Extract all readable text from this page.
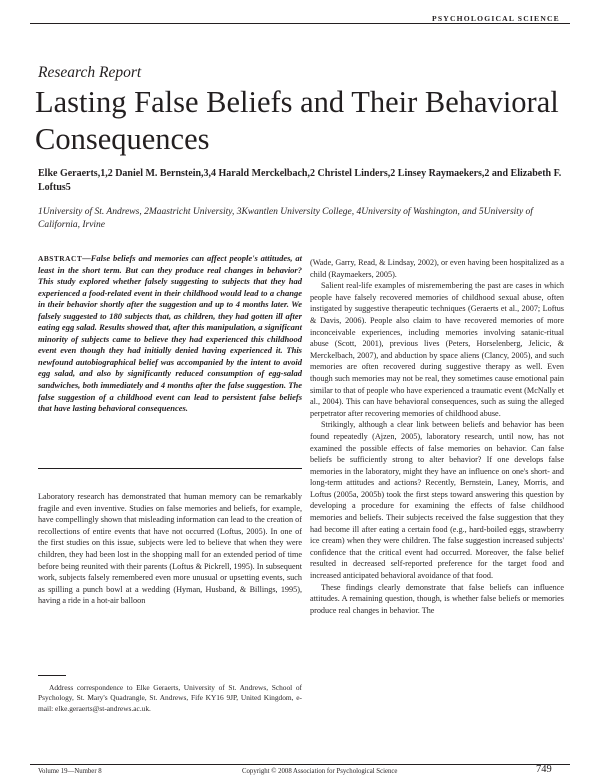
PSYCHOLOGICAL SCIENCE
Research Report
Lasting False Beliefs and Their Behavioral Consequences
Elke Geraerts,1,2 Daniel M. Bernstein,3,4 Harald Merckelbach,2 Christel Linders,2 Linsey Raymaekers,2 and Elizabeth F. Loftus5
1University of St. Andrews, 2Maastricht University, 3Kwantlen University College, 4University of Washington, and 5University of California, Irvine

ABSTRACT—False beliefs and memories can affect people's attitudes, at least in the short term. But can they produce real changes in behavior? This study explored whether falsely suggesting to subjects that they had experienced a food-related event in their childhood would lead to a change in their behavior shortly after the suggestion and up to 4 months later. We falsely suggested to 180 subjects that, as children, they had gotten ill after eating egg salad. Results showed that, after this manipulation, a significant minority of subjects came to believe they had experienced this childhood event even though they had initially denied having experienced it. This newfound autobiographical belief was accompanied by the intent to avoid egg salad, and also by significantly reduced consumption of egg-salad sandwiches, both immediately and 4 months after the false suggestion. The false suggestion of a childhood event can lead to persistent false beliefs that have lasting behavioral consequences.

Laboratory research has demonstrated that human memory can be remarkably fragile and even inventive. Studies on false memories and beliefs, for example, have compellingly shown that misleading information can lead to the creation of recollections of entire events that have not occurred (Loftus, 2005). In one of the first studies on this issue, subjects were led to believe that when they were children, they had been lost in the shopping mall for an extended period of time before being reunited with their parents (Loftus & Pickrell, 1995). In subsequent work, subjects falsely remembered even more unusual or upsetting events, such as spilling a punch bowl at a wedding (Hyman, Husband, & Billings, 1995), having a ride in a hot-air balloon

(Wade, Garry, Read, & Lindsay, 2002), or even having been hospitalized as a child (Raymaekers, 2005).

Salient real-life examples of misremembering the past are cases in which people have falsely recovered memories of childhood sexual abuse, often instigated by suggestive therapeutic techniques (Geraerts et al., 2007; Loftus & Davis, 2006). People also claim to have recovered memories of more inconceivable experiences, including memories involving satanic-ritual abuse (Scott, 2001), previous lives (Peters, Horselenberg, Jelicic, & Merckelbach, 2007), and abduction by space aliens (Clancy, 2005), and such memories are often recovered during suggestive therapy as well. Even though such memories may not be real, they sometimes cause emotional pain similar to that of people who have experienced a traumatic event (McNally et al., 2004). This can have behavioral consequences, such as suing the alleged perpetrator after recovering memories of childhood abuse.

Strikingly, although a clear link between beliefs and behavior has been found repeatedly (Ajzen, 2005), laboratory research, until now, has not examined the possible effects of false memories on behavior. Can false beliefs be sufficiently strong to alter behavior? If one develops false memories in the laboratory, might they have an influence on one's short- and long-term attitudes and actions? Recently, Bernstein, Laney, Morris, and Loftus (2005a, 2005b) took the first steps toward answering this question by developing a procedure for examining the effects of false childhood memories and beliefs. Their subjects received the false suggestion that they had become ill after eating a certain food (e.g., hard-boiled eggs, strawberry ice cream) when they were children. The false suggestion increased subjects' confidence that the critical event had occurred. Moreover, the false belief resulted in decreased self-reported preference for the target food and increased anticipated behavioral avoidance of that food.

These findings clearly demonstrate that false beliefs can influence attitudes. A remaining question, though, is whether false beliefs or memories produce real changes in behavior. The

Address correspondence to Elke Geraerts, University of St. Andrews, School of Psychology, St. Mary's Quadrangle, St. Andrews, Fife KY16 9JP, United Kingdom, e-mail: elke.geraerts@st-andrews.ac.uk.

Volume 19—Number 8	Copyright © 2008 Association for Psychological Science	749
